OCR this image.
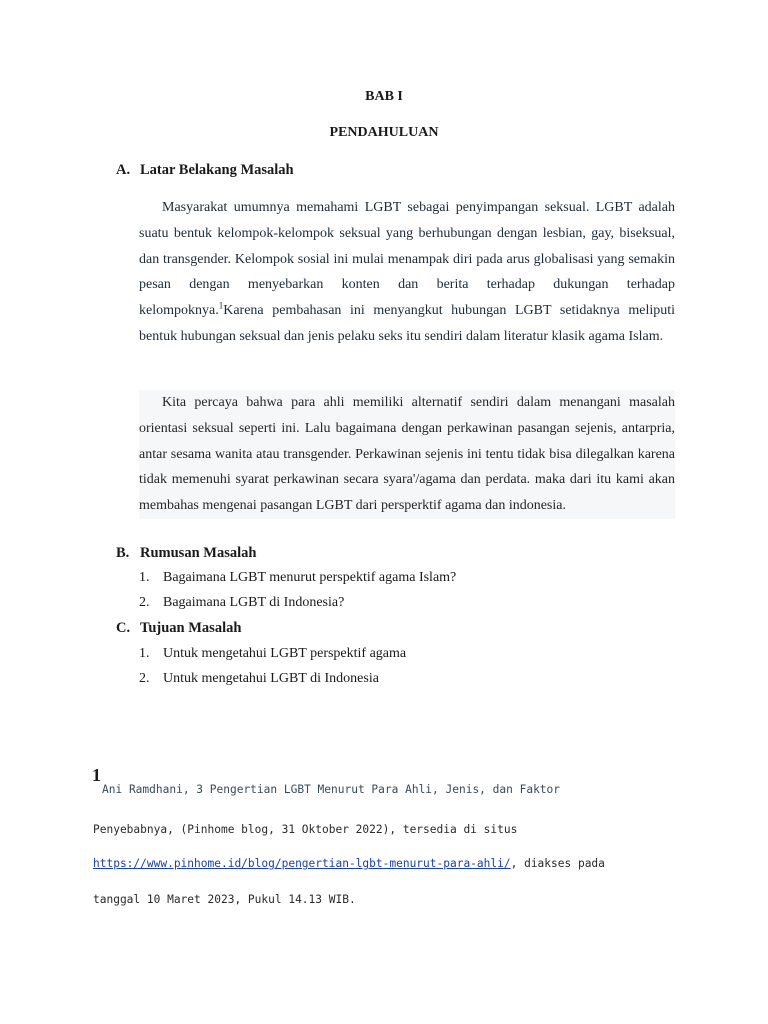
BAB I
PENDAHULUAN
A. Latar Belakang Masalah

Masyarakat umumnya memahami LGBT sebagai penyimpangan seksual. LGBT adalah suatu bentuk kelompok-kelompok seksual yang berhubungan dengan lesbian, gay, biseksual, dan transgender. Kelompok sosial ini mulai menampak diri pada arus globalisasi yang semakin pesan dengan menyebarkan konten dan berita terhadap dukungan terhadap kelompoknya.$^1$Karena pembahasan ini menyangkut hubungan LGBT setidaknya meliputi bentuk hubungan seksual dan jenis pelaku seks itu sendiri dalam literatur klasik agama Islam.

Kita percaya bahwa para ahli memiliki alternatif sendiri dalam menangani masalah orientasi seksual seperti ini. Lalu bagaimana dengan perkawinan pasangan sejenis, antarpria, antar sesama wanita atau transgender. Perkawinan sejenis ini tentu tidak bisa dilegalkan karena tidak memenuhi syarat perkawinan secara syara'/agama dan perdata. maka dari itu kami akan membahas mengenai pasangan LGBT dari persperktif agama dan indonesia.

B. Rumusan Masalah
1. Bagaimana LGBT menurut perspektif agama Islam?
2. Bagaimana LGBT di Indonesia?
C. Tujuan Masalah
1. Untuk mengetahui LGBT perspektif agama
2. Untuk mengetahui LGBT di Indonesia
1
Ani Ramdhani, 3 Pengertian LGBT Menurut Para Ahli, Jenis, dan Faktor
Penyebabnya, (Pinhome blog, 31 Oktober 2022), tersedia di situs
https://www.pinhome.id/blog/pengertian-lgbt-menurut-para-ahli/, diakses pada
tanggal 10 Maret 2023, Pukul 14.13 WIB.
